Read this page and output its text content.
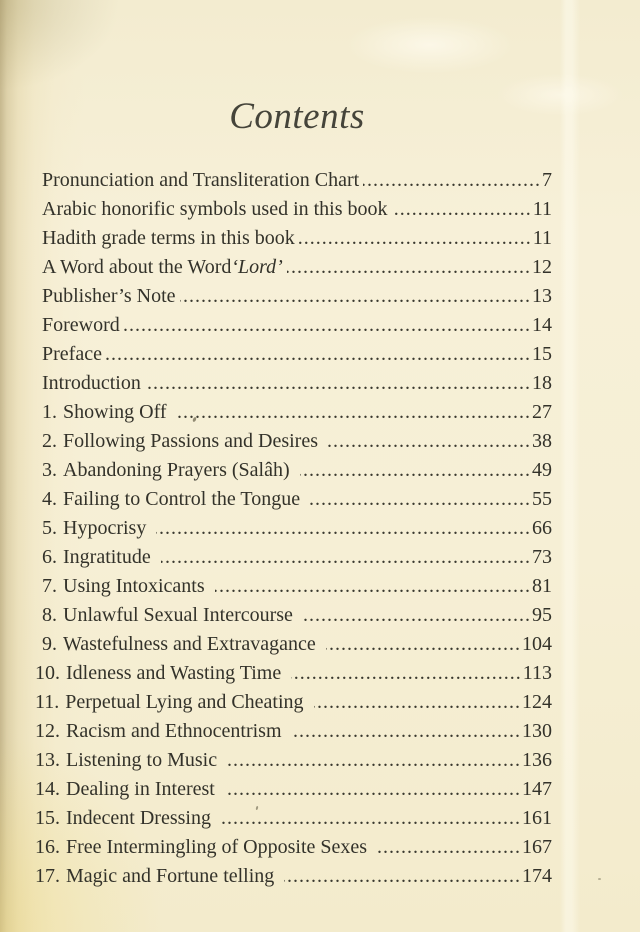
Contents
Pronunciation and Transliteration Chart .....	7
Arabic honorific symbols used in this book .....	11
Hadith grade terms in this book .....	11
A Word about the Word ‘Lord’ .....	12
Publisher’s Note .....	13
Foreword .....	14
Preface .....	15
Introduction .....	18
1. Showing Off .....	27
2. Following Passions and Desires .....	38
3. Abandoning Prayers (Salâh) .....	49
4. Failing to Control the Tongue .....	55
5. Hypocrisy .....	66
6. Ingratitude .....	73
7. Using Intoxicants .....	81
8. Unlawful Sexual Intercourse .....	95
9. Wastefulness and Extravagance .....	104
10. Idleness and Wasting Time .....	113
11. Perpetual Lying and Cheating .....	124
12. Racism and Ethnocentrism .....	130
13. Listening to Music .....	136
14. Dealing in Interest .....	147
15. Indecent Dressing .....	161
16. Free Intermingling of Opposite Sexes .....	167
17. Magic and Fortune telling .....	174
